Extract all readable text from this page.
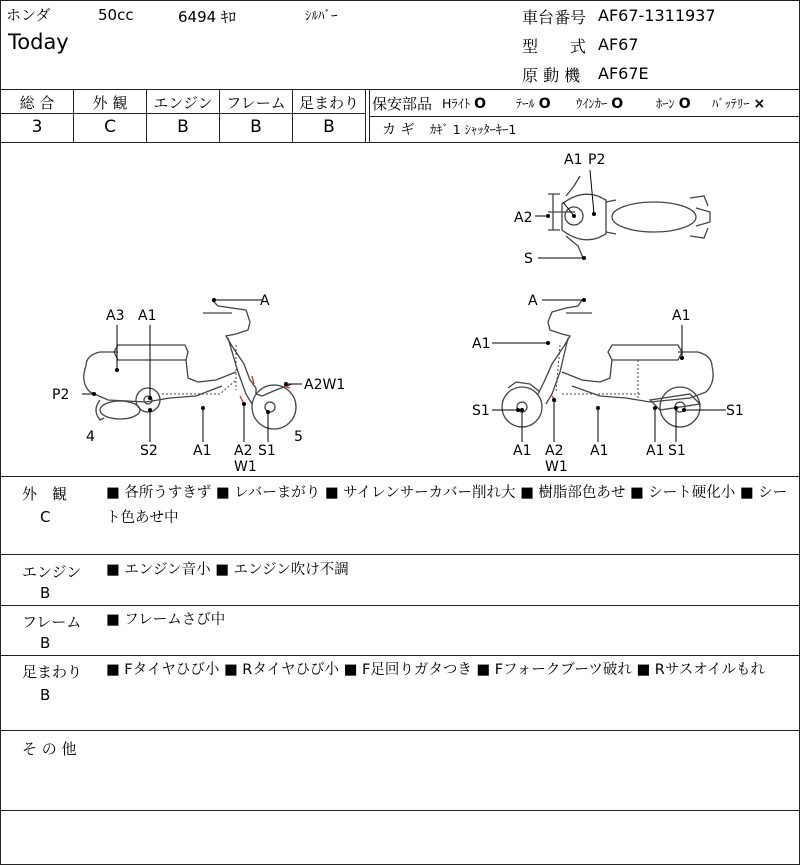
ホンダ	50cc	6494 ｷﾛ	ｼﾙﾊﾞｰ
Today
車台番号 AF67-1311937
型　　式 AF67
原 動 機 AF67E
総 合	外 観	エンジン フレーム 足まわり
3	C	B	B	B
保安部品 Hﾗｲﾄ O ﾃｰﾙ O ｳｲﾝｶｰ O	ﾎｰﾝ O ﾊﾞｯﾃﾘｰ ×
カ ギ ｶｷﾞ 1 ｼｬｯﾀｰｷｰ1
A1 P2
A2
S
A3 A1
A
P2
4
S2	A1 A2
W1
S1
5
A2W1
A
A1
A1
S1
A1 A2
W1
A1	A1 S1
S1
外　観
C
■ 各所うすきず ■ レバーまがり ■ サイレンサーカバー削れ大 ■ 樹脂部色あせ ■ シート硬化小 ■ シート色あせ中
エンジン
B
■ エンジン音小 ■ エンジン吹け不調
フレーム
B
■ フレームさび中
足まわり
B
■ Fタイヤひび小 ■ Rタイヤひび小 ■ F足回りガタつき ■ Fフォークブーツ破れ ■ Rサスオイルもれ
そ の 他
